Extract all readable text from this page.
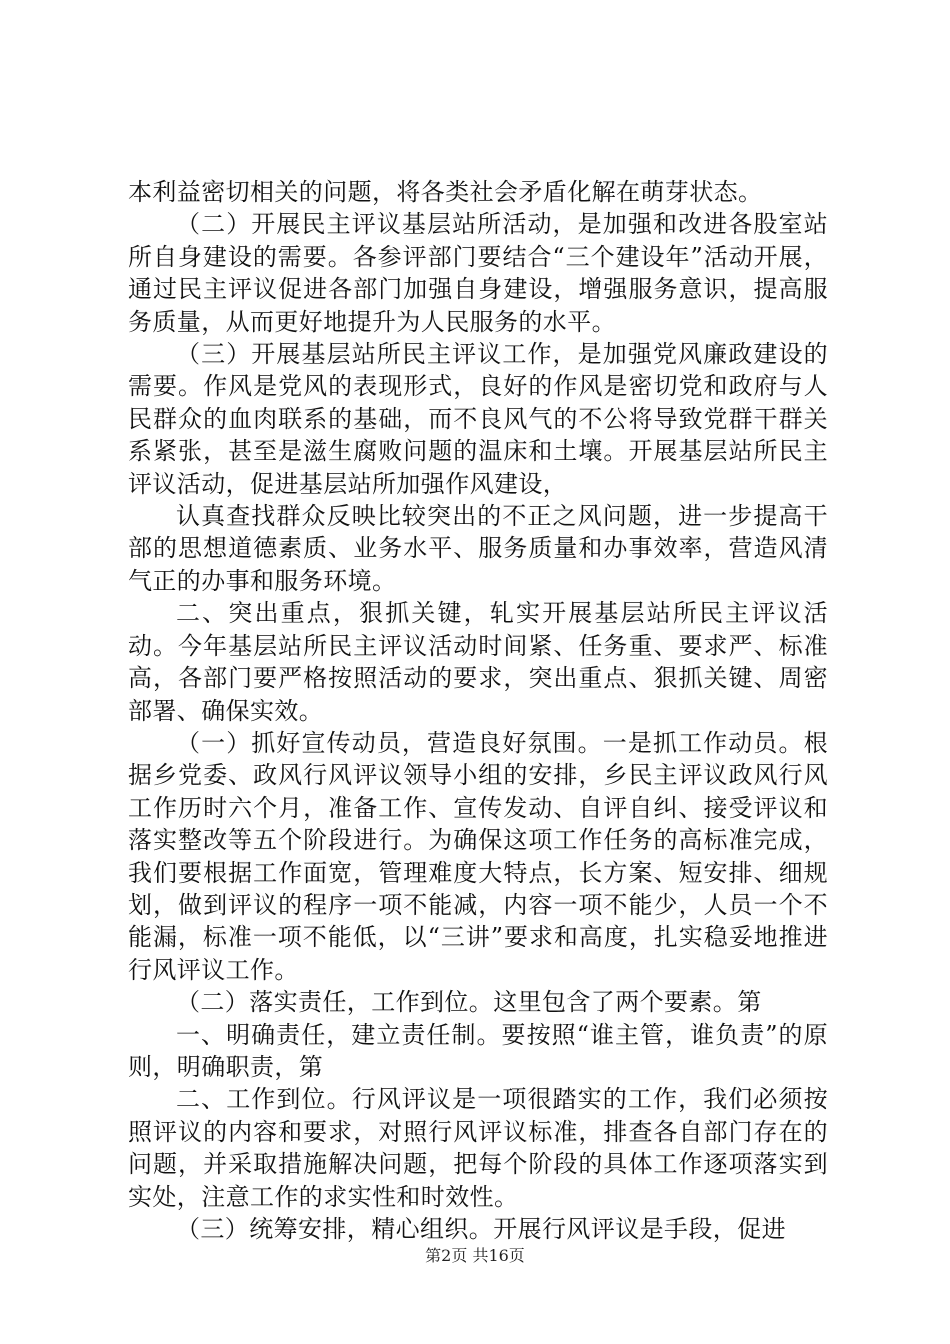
本利益密切相关的问题，将各类社会矛盾化解在萌芽状态。

（二）开展民主评议基层站所活动，是加强和改进各股室站所自身建设的需要。各参评部门要结合“三个建设年”活动开展，通过民主评议促进各部门加强自身建设，增强服务意识，提高服务质量，从而更好地提升为人民服务的水平。

（三）开展基层站所民主评议工作，是加强党风廉政建设的需要。作风是党风的表现形式，良好的作风是密切党和政府与人民群众的血肉联系的基础，而不良风气的不公将导致党群干群关系紧张，甚至是滋生腐败问题的温床和土壤。开展基层站所民主评议活动，促进基层站所加强作风建设，

认真查找群众反映比较突出的不正之风问题，进一步提高干部的思想道德素质、业务水平、服务质量和办事效率，营造风清气正的办事和服务环境。

二、突出重点，狠抓关键，轧实开展基层站所民主评议活动。今年基层站所民主评议活动时间紧、任务重、要求严、标准高，各部门要严格按照活动的要求，突出重点、狠抓关键、周密部署、确保实效。

（一）抓好宣传动员，营造良好氛围。一是抓工作动员。根据乡党委、政风行风评议领导小组的安排，乡民主评议政风行风工作历时六个月，准备工作、宣传发动、自评自纠、接受评议和落实整改等五个阶段进行。为确保这项工作任务的高标准完成，我们要根据工作面宽，管理难度大特点，长方案、短安排、细规划，做到评议的程序一项不能减，内容一项不能少，人员一个不能漏，标准一项不能低，以“三讲”要求和高度，扎实稳妥地推进行风评议工作。

（二）落实责任，工作到位。这里包含了两个要素。第

一、明确责任，建立责任制。要按照“谁主管，谁负责”的原则，明确职责，第

二、工作到位。行风评议是一项很踏实的工作，我们必须按照评议的内容和要求，对照行风评议标准，排查各自部门存在的问题，并采取措施解决问题，把每个阶段的具体工作逐项落实到实处，注意工作的求实性和时效性。

（三）统筹安排，精心组织。开展行风评议是手段，促进

第2页 共16页
